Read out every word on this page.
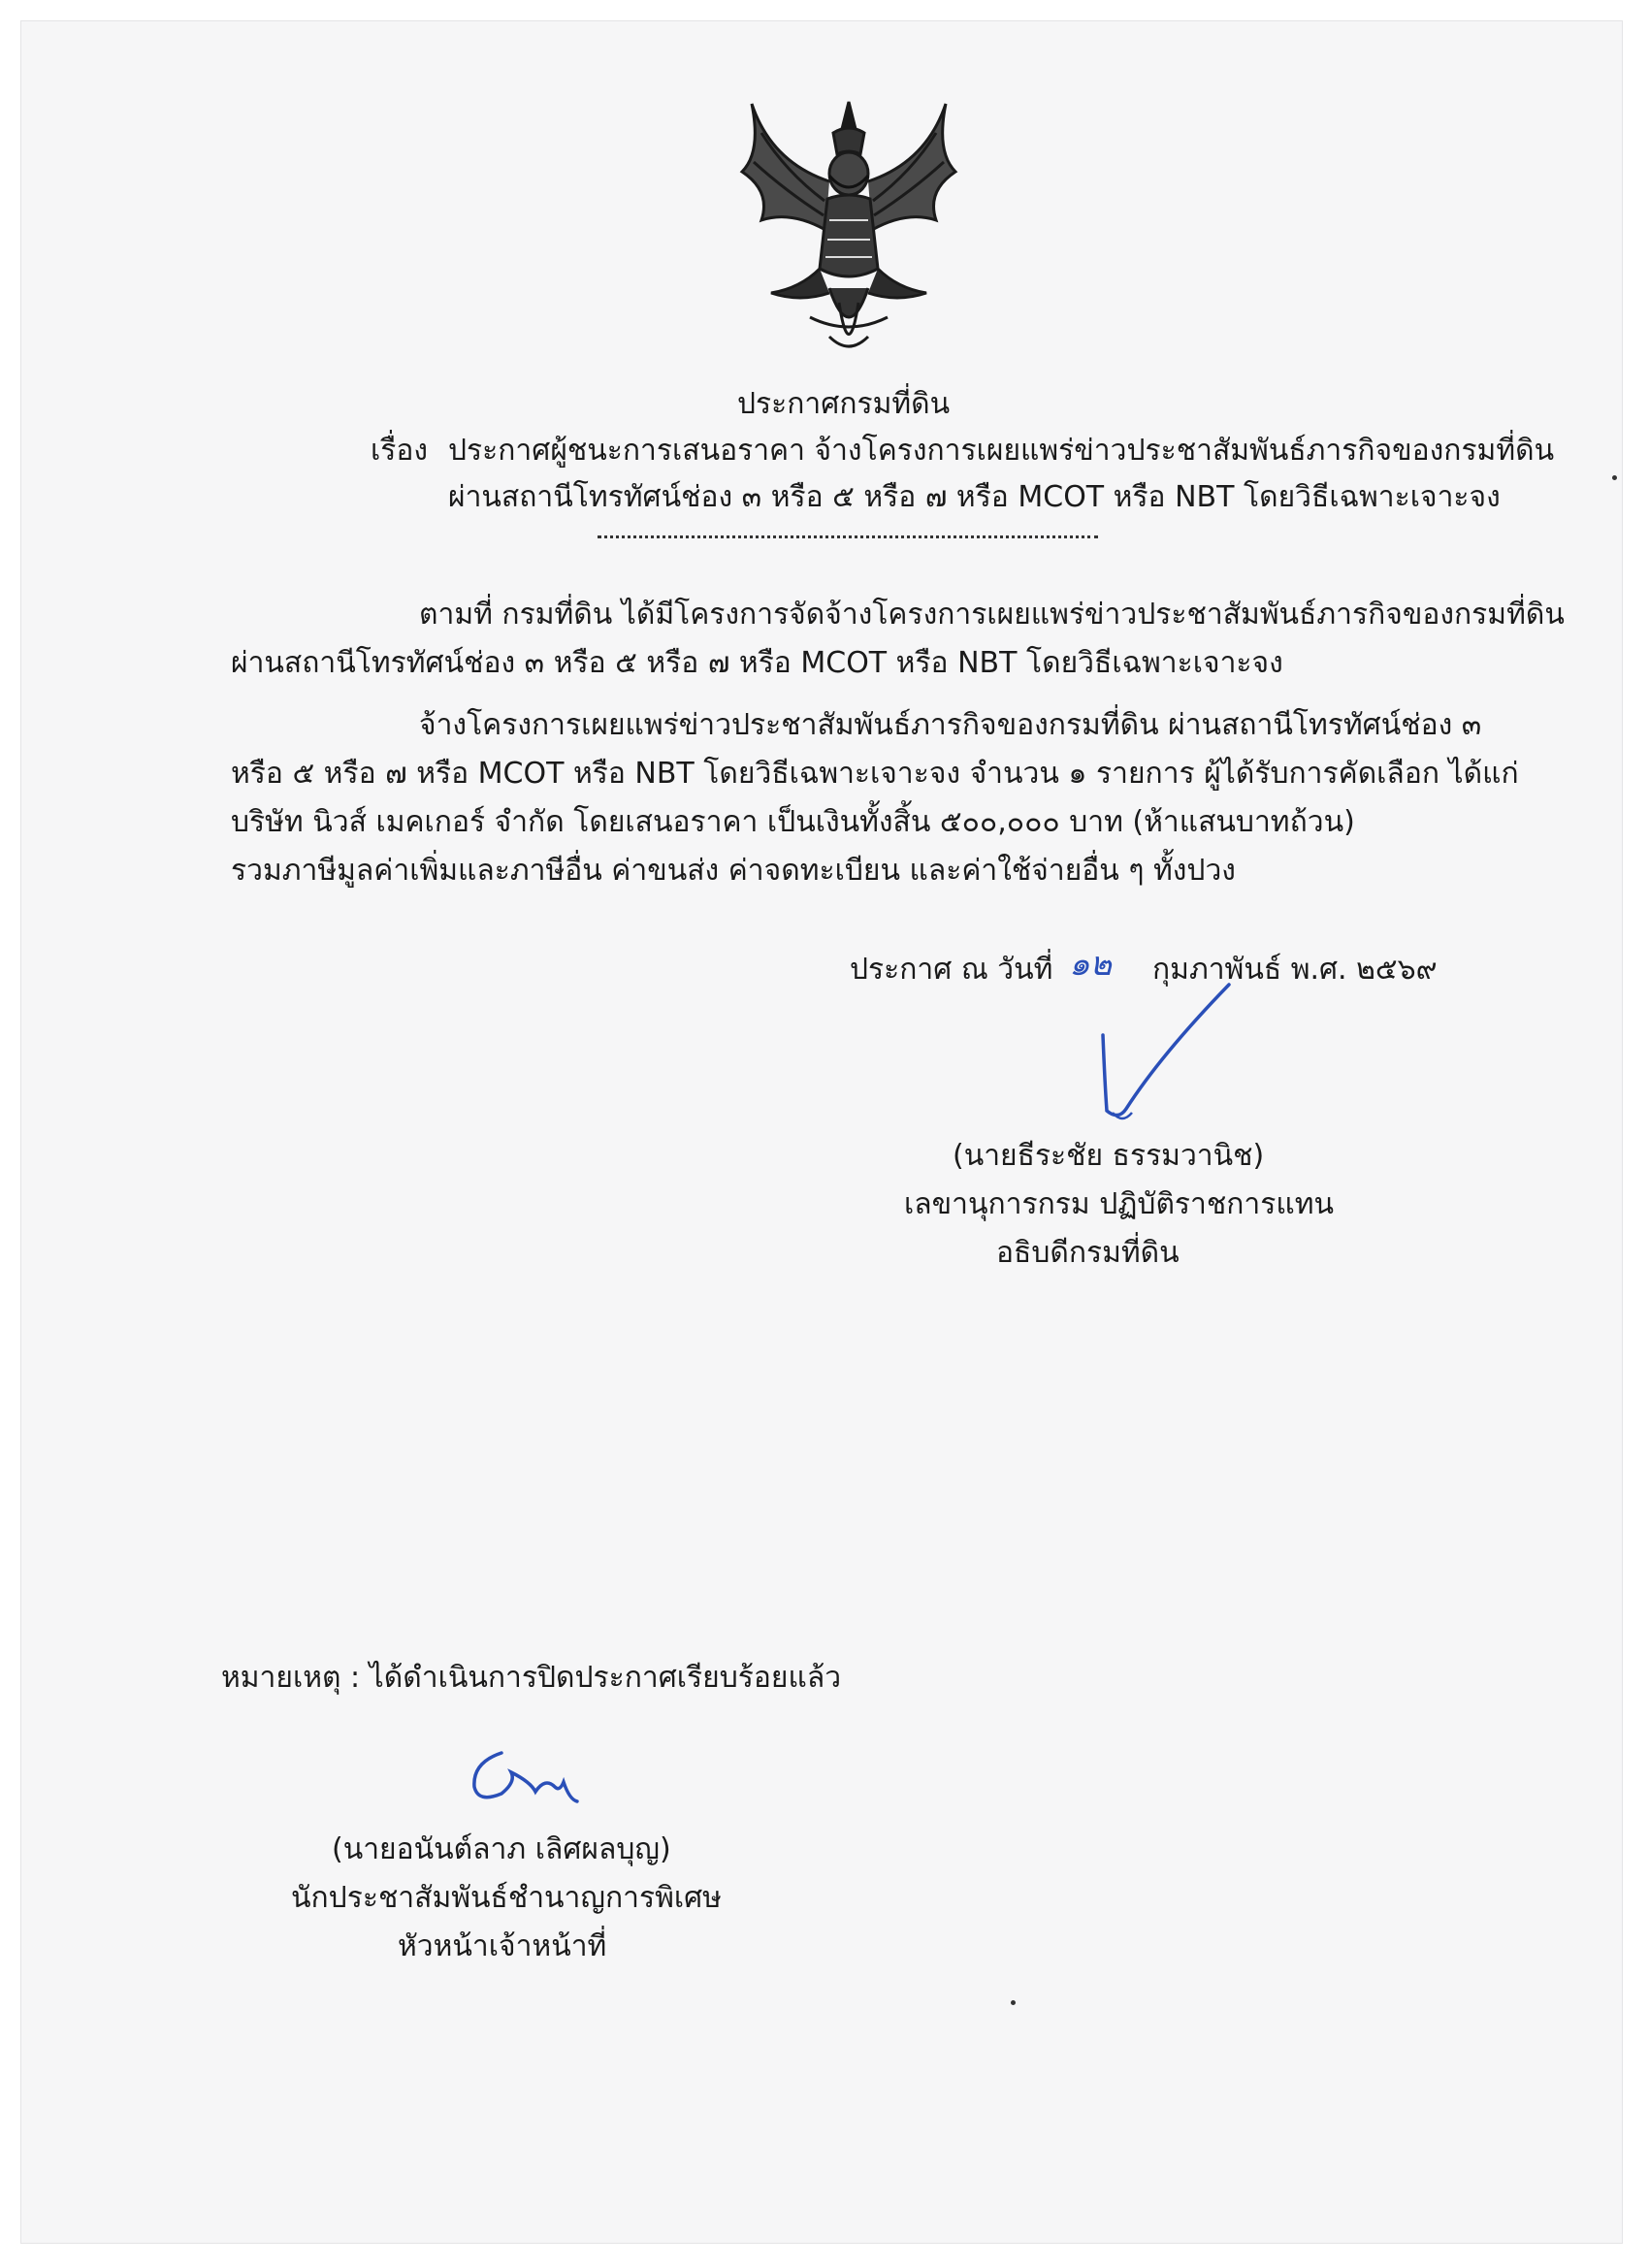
ประกาศกรมที่ดิน
เรื่อง ประกาศผู้ชนะการเสนอราคา จ้างโครงการเผยแพร่ข่าวประชาสัมพันธ์ภารกิจของกรมที่ดิน
ผ่านสถานีโทรทัศน์ช่อง ๓ หรือ ๕ หรือ ๗ หรือ MCOT หรือ NBT โดยวิธีเฉพาะเจาะจง
ตามที่ กรมที่ดิน ได้มีโครงการจัดจ้างโครงการเผยแพร่ข่าวประชาสัมพันธ์ภารกิจของกรมที่ดิน
ผ่านสถานีโทรทัศน์ช่อง ๓ หรือ ๕ หรือ ๗ หรือ MCOT หรือ NBT โดยวิธีเฉพาะเจาะจง
จ้างโครงการเผยแพร่ข่าวประชาสัมพันธ์ภารกิจของกรมที่ดิน ผ่านสถานีโทรทัศน์ช่อง ๓
หรือ ๕ หรือ ๗ หรือ MCOT หรือ NBT โดยวิธีเฉพาะเจาะจง จำนวน ๑ รายการ ผู้ได้รับการคัดเลือก ได้แก่
บริษัท นิวส์ เมคเกอร์ จำกัด โดยเสนอราคา เป็นเงินทั้งสิ้น ๕๐๐,๐๐๐ บาท (ห้าแสนบาทถ้วน)
รวมภาษีมูลค่าเพิ่มและภาษีอื่น ค่าขนส่ง ค่าจดทะเบียน และค่าใช้จ่ายอื่น ๆ ทั้งปวง
ประกาศ ณ วันที่ ๑๒ กุมภาพันธ์ พ.ศ. ๒๕๖๙
(นายธีระชัย ธรรมวานิช)
เลขานุการกรม ปฏิบัติราชการแทน
อธิบดีกรมที่ดิน
หมายเหตุ : ได้ดำเนินการปิดประกาศเรียบร้อยแล้ว
(นายอนันต์ลาภ เลิศผลบุญ)
นักประชาสัมพันธ์ชำนาญการพิเศษ
หัวหน้าเจ้าหน้าที่
